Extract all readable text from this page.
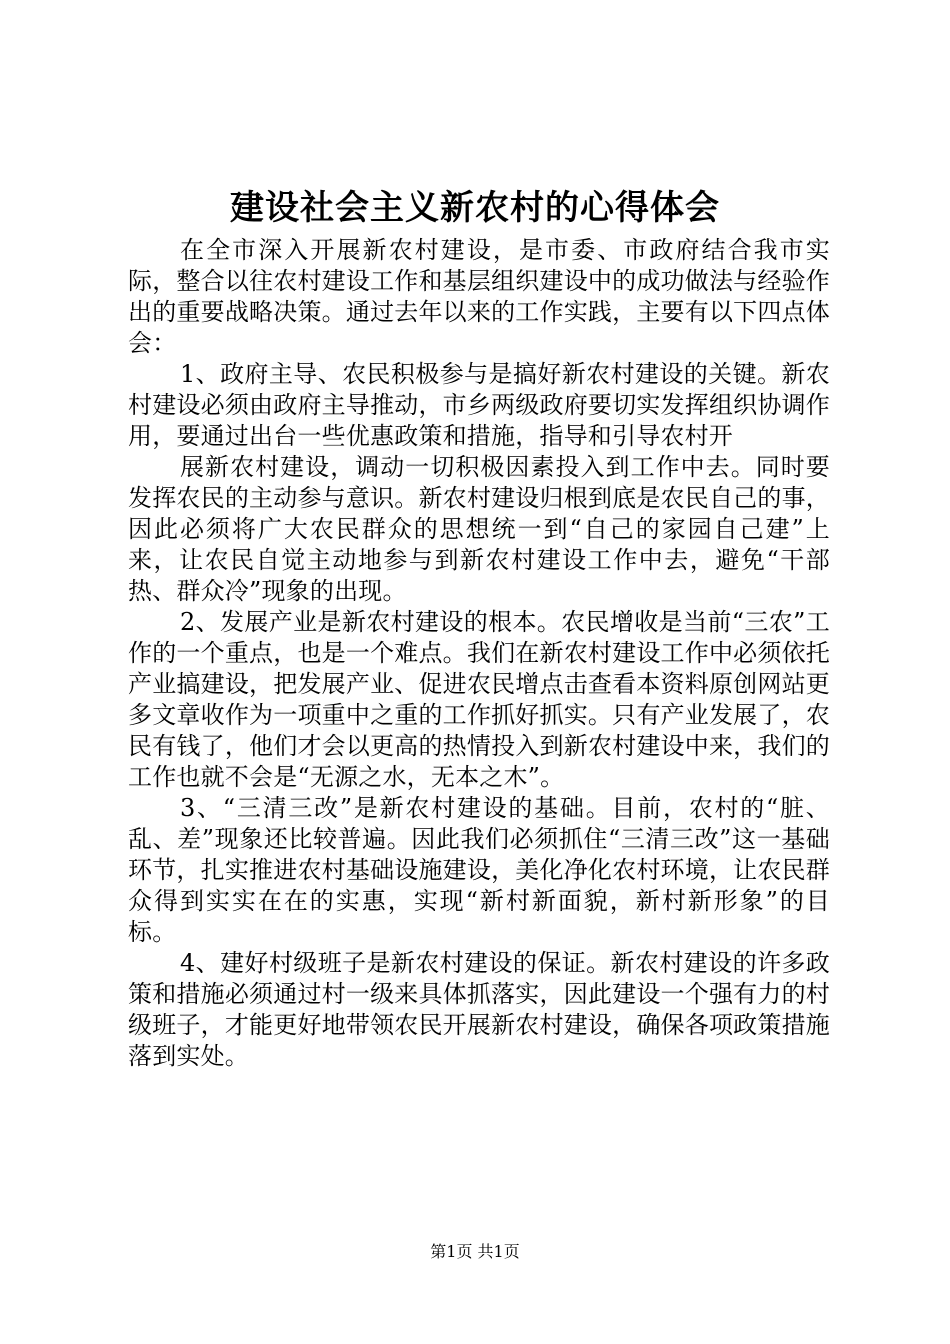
建设社会主义新农村的心得体会

在全市深入开展新农村建设，是市委、市政府结合我市实际，整合以往农村建设工作和基层组织建设中的成功做法与经验作出的重要战略决策。通过去年以来的工作实践，主要有以下四点体会：

1、政府主导、农民积极参与是搞好新农村建设的关键。新农村建设必须由政府主导推动，市乡两级政府要切实发挥组织协调作用，要通过出台一些优惠政策和措施，指导和引导农村开

展新农村建设，调动一切积极因素投入到工作中去。同时要发挥农民的主动参与意识。新农村建设归根到底是农民自己的事，因此必须将广大农民群众的思想统一到“自己的家园自己建”上来，让农民自觉主动地参与到新农村建设工作中去，避免“干部热、群众冷”现象的出现。

2、发展产业是新农村建设的根本。农民增收是当前“三农”工作的一个重点，也是一个难点。我们在新农村建设工作中必须依托产业搞建设，把发展产业、促进农民增点击查看本资料原创网站更多文章收作为一项重中之重的工作抓好抓实。只有产业发展了，农民有钱了，他们才会以更高的热情投入到新农村建设中来，我们的工作也就不会是“无源之水，无本之木”。

3、“三清三改”是新农村建设的基础。目前，农村的“脏、乱、差”现象还比较普遍。因此我们必须抓住“三清三改”这一基础环节，扎实推进农村基础设施建设，美化净化农村环境，让农民群众得到实实在在的实惠，实现“新村新面貌，新村新形象”的目标。

4、建好村级班子是新农村建设的保证。新农村建设的许多政策和措施必须通过村一级来具体抓落实，因此建设一个强有力的村级班子，才能更好地带领农民开展新农村建设，确保各项政策措施落到实处。

第1页 共1页
